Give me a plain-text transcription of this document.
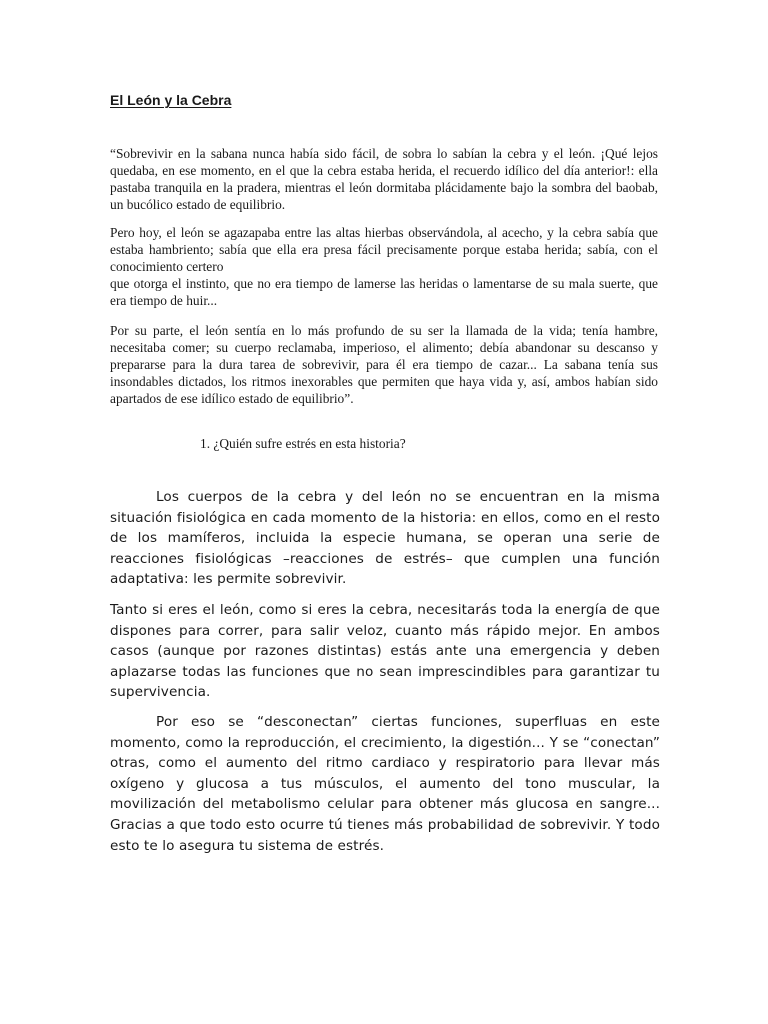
El León y la Cebra

“Sobrevivir en la sabana nunca había sido fácil, de sobra lo sabían la cebra y el león. ¡Qué lejos quedaba, en ese momento, en el que la cebra estaba herida, el recuerdo idílico del día anterior!: ella pastaba tranquila en la pradera, mientras el león dormitaba plácidamente bajo la sombra del baobab, un bucólico estado de equilibrio.

Pero hoy, el león se agazapaba entre las altas hierbas observándola, al acecho, y la cebra sabía que estaba hambriento; sabía que ella era presa fácil precisamente porque estaba herida; sabía, con el conocimiento certero
que otorga el instinto, que no era tiempo de lamerse las heridas o lamentarse de su mala suerte, que era tiempo de huir...

Por su parte, el león sentía en lo más profundo de su ser la llamada de la vida; tenía hambre, necesitaba comer; su cuerpo reclamaba, imperioso, el alimento; debía abandonar su descanso y prepararse para la dura tarea de sobrevivir, para él era tiempo de cazar... La sabana tenía sus insondables dictados, los ritmos inexorables que permiten que haya vida y, así, ambos habían sido apartados de ese idílico estado de equilibrio”.

1. ¿Quién sufre estrés en esta historia?

Los cuerpos de la cebra y del león no se encuentran en la misma situación fisiológica en cada momento de la historia: en ellos, como en el resto de los mamíferos, incluida la especie humana, se operan una serie de reacciones fisiológicas –reacciones de estrés– que cumplen una función adaptativa: les permite sobrevivir.

Tanto si eres el león, como si eres la cebra, necesitarás toda la energía de que dispones para correr, para salir veloz, cuanto más rápido mejor. En ambos casos (aunque por razones distintas) estás ante una emergencia y deben aplazarse todas las funciones que no sean imprescindibles para garantizar tu supervivencia.

Por eso se “desconectan” ciertas funciones, superfluas en este momento, como la reproducción, el crecimiento, la digestión... Y se “conectan” otras, como el aumento del ritmo cardiaco y respiratorio para llevar más oxígeno y glucosa a tus músculos, el aumento del tono muscular, la movilización del metabolismo celular para obtener más glucosa en sangre... Gracias a que todo esto ocurre tú tienes más probabilidad de sobrevivir. Y todo esto te lo asegura tu sistema de estrés.
